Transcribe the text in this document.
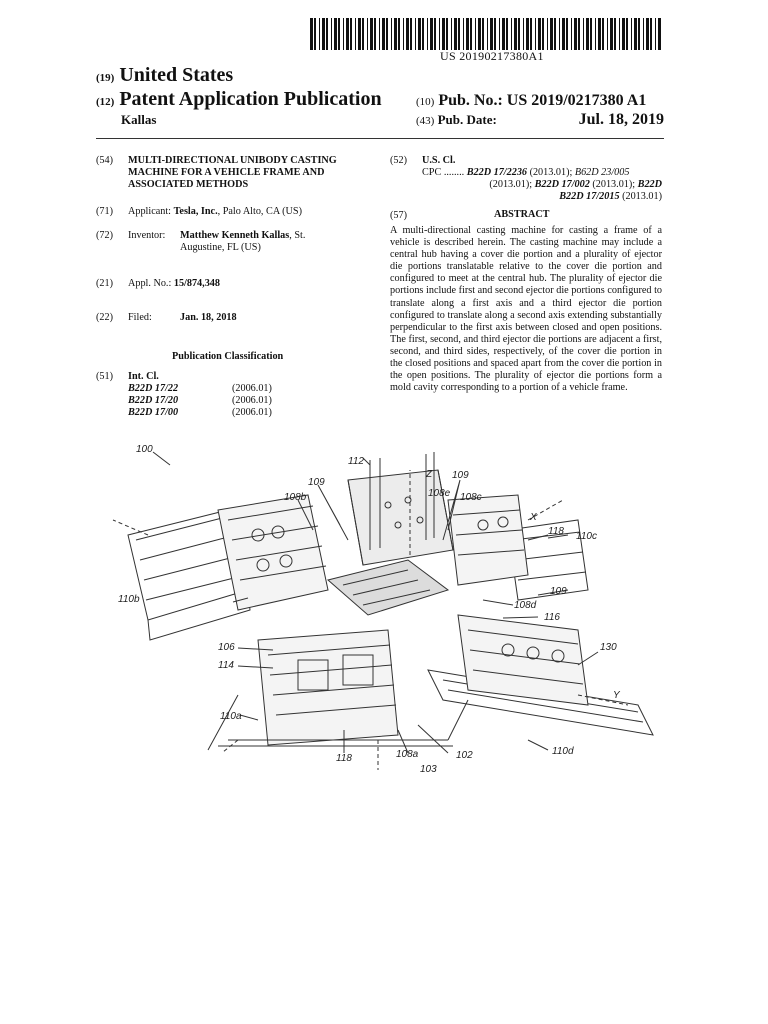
US 20190217380A1
(19) United States
(12) Patent Application Publication
Kallas
(10) Pub. No.: US 2019/0217380 A1
(43) Pub. Date:	Jul. 18, 2019
(54) MULTI-DIRECTIONAL UNIBODY CASTING MACHINE FOR A VEHICLE FRAME AND ASSOCIATED METHODS
(71) Applicant: Tesla, Inc., Palo Alto, CA (US)
(72) Inventor: Matthew Kenneth Kallas, St. Augustine, FL (US)
(21) Appl. No.: 15/874,348
(22) Filed:	Jan. 18, 2018
Publication Classification
(51) Int. Cl.
B22D 17/22	(2006.01)
B22D 17/20	(2006.01)
B22D 17/00	(2006.01)
(52) U.S. Cl.
CPC ........ B22D 17/2236 (2013.01); B62D 23/005
(2013.01); B22D 17/002 (2013.01); B22D
B22D 17/2015 (2013.01)
(57)	ABSTRACT
A multi-directional casting machine for casting a frame of a vehicle is described herein. The casting machine may include a central hub having a cover die portion and a plurality of ejector die portions translatable relative to the cover die portion and configured to meet at the central hub. The plurality of ejector die portions include first and second ejector die portions configured to translate along a first axis and a third ejector die portion configured to translate along a second axis extending substantially perpendicular to the first axis between closed and open positions. The first, second, and third ejector die portions are adjacent a first, second, and third sides, respectively, of the cover die portion in the closed positions and spaced apart from the cover die portion in the open positions. The plurality of ejector die portions form a mold cavity corresponding to a portion of a vehicle frame.
100
112
Z 109
109
108b	108e 108c
X
118 110c
110b
109
108d
116
130
106
114
Y
110a
118	108a	102	110d
103
